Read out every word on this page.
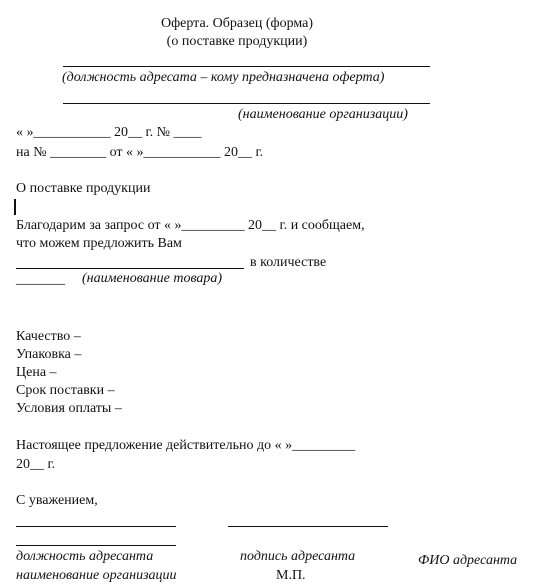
Оферта. Образец (форма)
(о поставке продукции)
(должность адресата – кому предназначена оферта)
(наименование организации)
« »___________ 20__ г. № ____
на № ________ от « »___________ 20__ г.
О поставке продукции
Благодарим за запрос от « »_________ 20__ г. и сообщаем,
что можем предложить Вам
в количестве
_______ (наименование товара)
Качество –
Упаковка –
Цена –
Срок поставки –
Условия оплаты –
Настоящее предложение действительно до « »_________
20__ г.
С уважением,
должность адресанта	подпись адресанта	ФИО адресанта
наименование организации	М.П.
